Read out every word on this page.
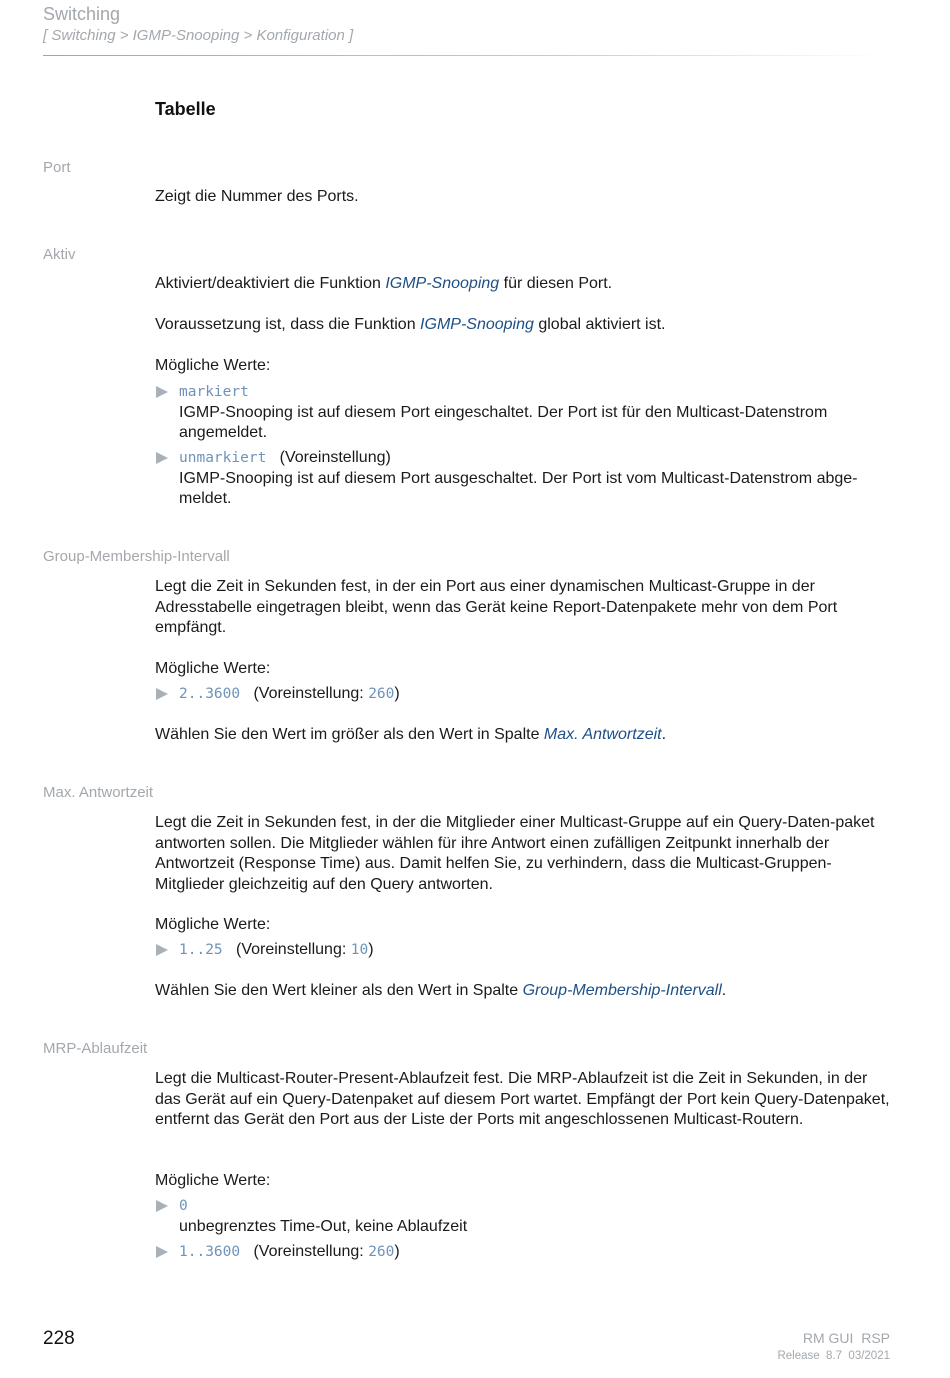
Switching
[ Switching > IGMP-Snooping > Konfiguration ]
Tabelle
Port
Zeigt die Nummer des Ports.
Aktiv
Aktiviert/deaktiviert die Funktion IGMP-Snooping für diesen Port.
Voraussetzung ist, dass die Funktion IGMP-Snooping global aktiviert ist.
Mögliche Werte:
markiert
IGMP-Snooping ist auf diesem Port eingeschaltet. Der Port ist für den Multicast-Datenstrom angemeldet.
unmarkiert (Voreinstellung)
IGMP-Snooping ist auf diesem Port ausgeschaltet. Der Port ist vom Multicast-Datenstrom abge-meldet.
Group-Membership-Intervall
Legt die Zeit in Sekunden fest, in der ein Port aus einer dynamischen Multicast-Gruppe in der Adresstabelle eingetragen bleibt, wenn das Gerät keine Report-Datenpakete mehr von dem Port empfängt.
Mögliche Werte:
2..3600 (Voreinstellung: 260)
Wählen Sie den Wert im größer als den Wert in Spalte Max. Antwortzeit.
Max. Antwortzeit
Legt die Zeit in Sekunden fest, in der die Mitglieder einer Multicast-Gruppe auf ein Query-Daten-paket antworten sollen. Die Mitglieder wählen für ihre Antwort einen zufälligen Zeitpunkt innerhalb der Antwortzeit (Response Time) aus. Damit helfen Sie, zu verhindern, dass die Multicast-Gruppen-Mitglieder gleichzeitig auf den Query antworten.
Mögliche Werte:
1..25 (Voreinstellung: 10)
Wählen Sie den Wert kleiner als den Wert in Spalte Group-Membership-Intervall.
MRP-Ablaufzeit
Legt die Multicast-Router-Present-Ablaufzeit fest. Die MRP-Ablaufzeit ist die Zeit in Sekunden, in der das Gerät auf ein Query-Datenpaket auf diesem Port wartet. Empfängt der Port kein Query-Datenpaket, entfernt das Gerät den Port aus der Liste der Ports mit angeschlossenen Multicast-Routern.
Mögliche Werte:
0
unbegrenztes Time-Out, keine Ablaufzeit
1..3600 (Voreinstellung: 260)
228	RM GUI  RSP
Release  8.7  03/2021
